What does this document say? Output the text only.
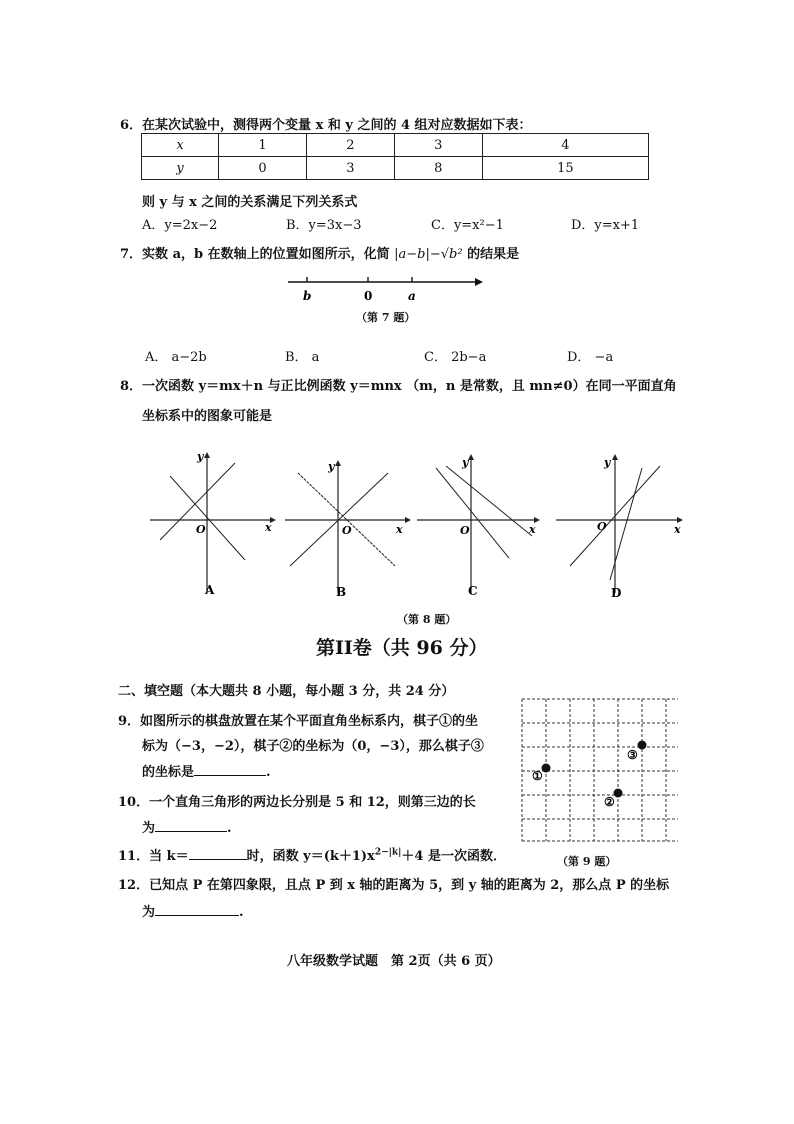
6．在某次试验中，测得两个变量 x 和 y 之间的 4 组对应数据如下表：
x	1	2	3	4
y	0	3	8	15
则 y 与 x 之间的关系满足下列关系式
A．y=2x−2	B．y=3x−3	C．y=x²−1	D．y=x+1
7．实数 a，b 在数轴上的位置如图所示，化简 |a−b|−√b² 的结果是
b	0	a
（第 7 题）
A． a−2b	B． a	C． 2b−a	D． −a
8．一次函数 y＝mx＋n 与正比例函数 y＝mnx （m，n 是常数，且 mn≠0）在同一平面直角
坐标系中的图象可能是
y
x
O
A
y
x
O
B
y
x
O
C
y
x
O
D
（第 8 题）
第II卷（共 96 分）
二、填空题（本大题共 8 小题，每小题 3 分，共 24 分）
9．如图所示的棋盘放置在某个平面直角坐标系内，棋子①的坐
标为（−3，−2），棋子②的坐标为（0，−3），那么棋子③
的坐标是	.	①
②
③
（第 9 题）
10．一个直角三角形的两边长分别是 5 和 12，则第三边的长
为	.
11．当 k＝	时，函数 $y=(k+1)x^{2-|k|}+4$ 是一次函数．
12．已知点 P 在第四象限，且点 P 到 x 轴的距离为 5，到 y 轴的距离为 2，那么点 P 的坐标
为	.
八年级数学试题　第 2页（共 6 页）
